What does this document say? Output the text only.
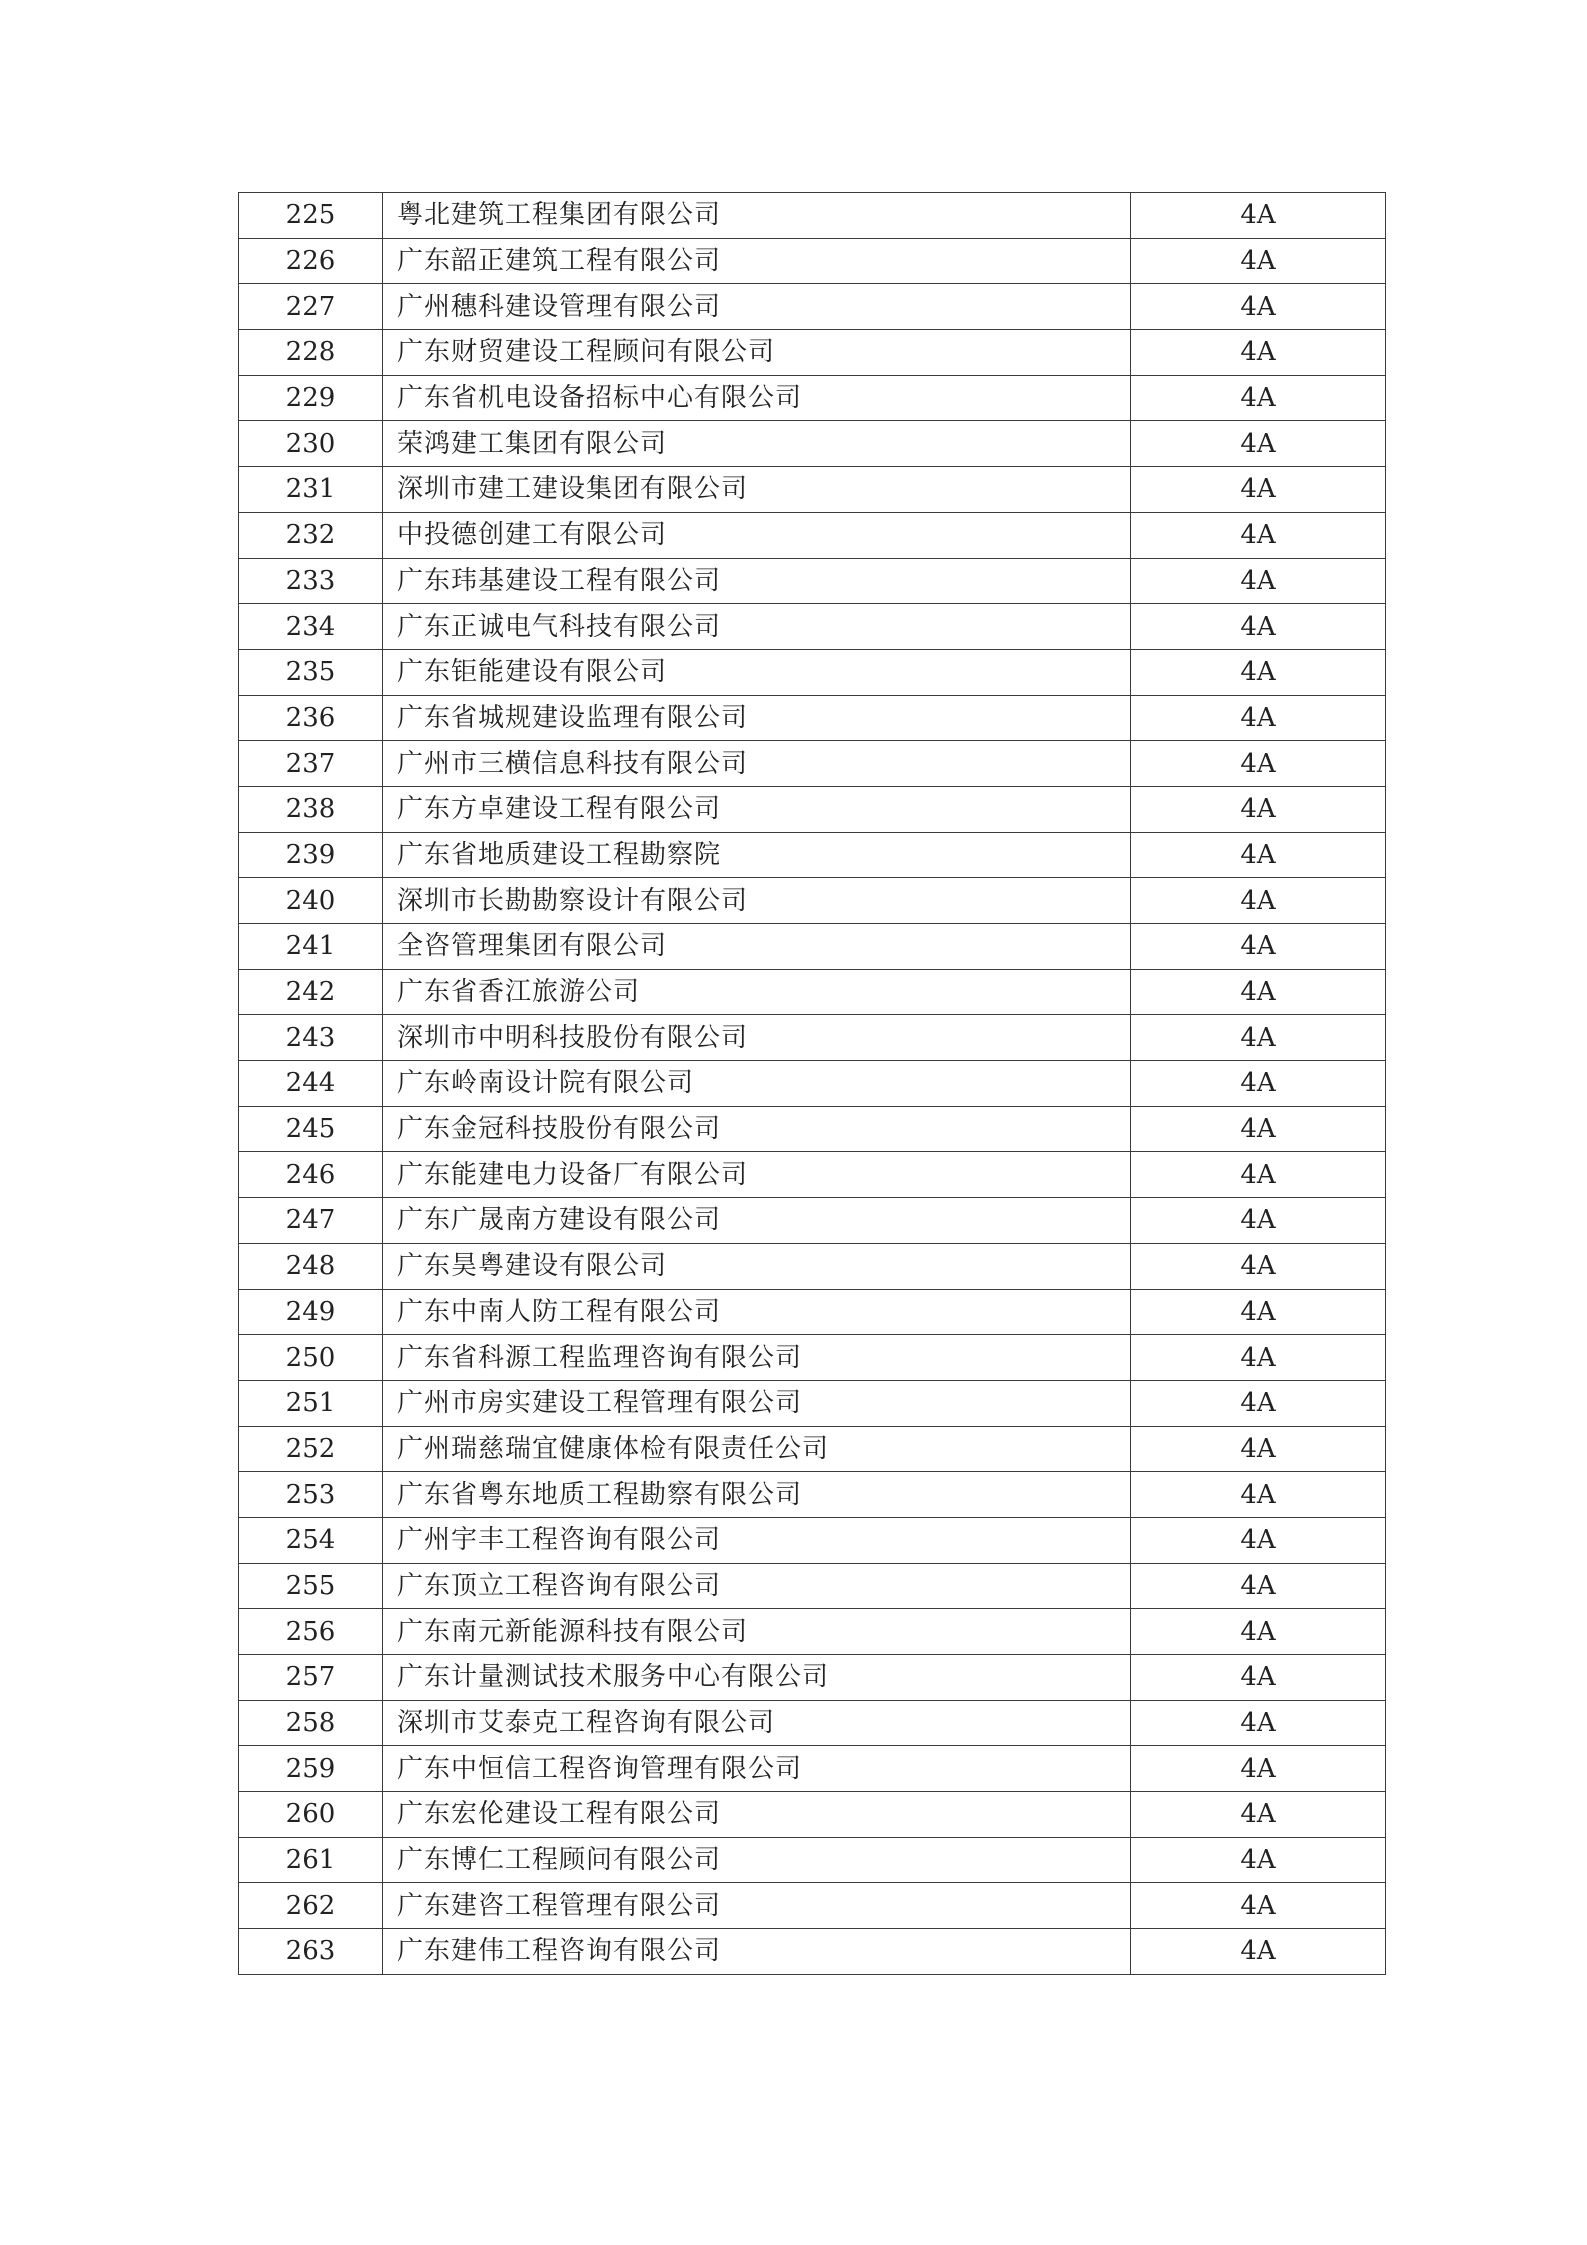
225	粤北建筑工程集团有限公司	4A
226	广东韶正建筑工程有限公司	4A
227	广州穗科建设管理有限公司	4A
228	广东财贸建设工程顾问有限公司	4A
229	广东省机电设备招标中心有限公司	4A
230	荣鸿建工集团有限公司	4A
231	深圳市建工建设集团有限公司	4A
232	中投德创建工有限公司	4A
233	广东玮基建设工程有限公司	4A
234	广东正诚电气科技有限公司	4A
235	广东钜能建设有限公司	4A
236	广东省城规建设监理有限公司	4A
237	广州市三横信息科技有限公司	4A
238	广东方卓建设工程有限公司	4A
239	广东省地质建设工程勘察院	4A
240	深圳市长勘勘察设计有限公司	4A
241	全咨管理集团有限公司	4A
242	广东省香江旅游公司	4A
243	深圳市中明科技股份有限公司	4A
244	广东岭南设计院有限公司	4A
245	广东金冠科技股份有限公司	4A
246	广东能建电力设备厂有限公司	4A
247	广东广晟南方建设有限公司	4A
248	广东昊粤建设有限公司	4A
249	广东中南人防工程有限公司	4A
250	广东省科源工程监理咨询有限公司	4A
251	广州市房实建设工程管理有限公司	4A
252	广州瑞慈瑞宜健康体检有限责任公司	4A
253	广东省粤东地质工程勘察有限公司	4A
254	广州宇丰工程咨询有限公司	4A
255	广东顶立工程咨询有限公司	4A
256	广东南元新能源科技有限公司	4A
257	广东计量测试技术服务中心有限公司	4A
258	深圳市艾泰克工程咨询有限公司	4A
259	广东中恒信工程咨询管理有限公司	4A
260	广东宏伦建设工程有限公司	4A
261	广东博仁工程顾问有限公司	4A
262	广东建咨工程管理有限公司	4A
263	广东建伟工程咨询有限公司	4A
